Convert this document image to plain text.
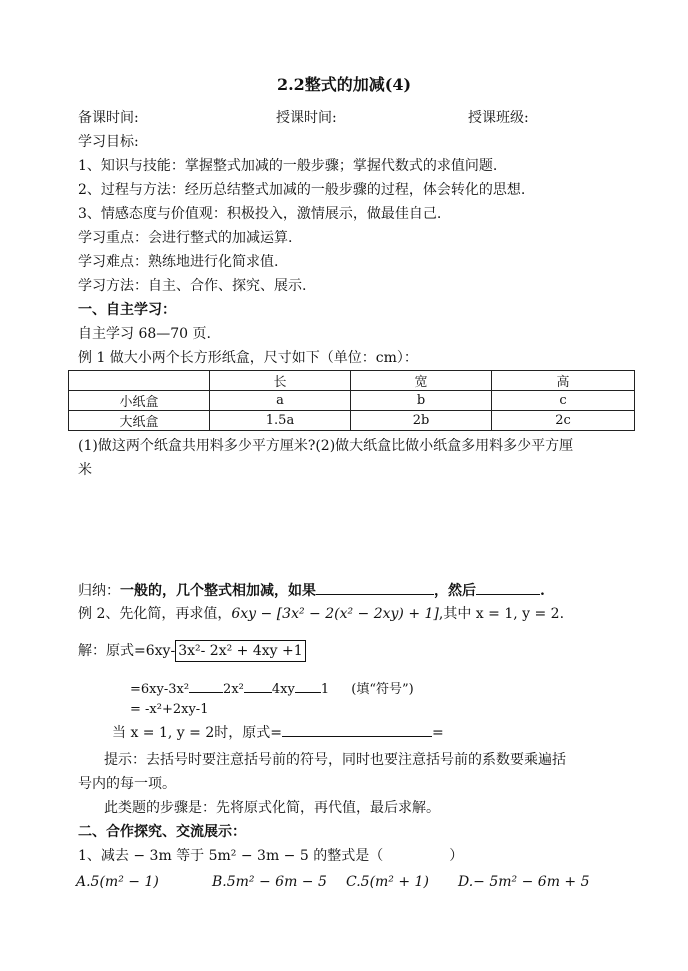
2.2整式的加减(4)
备课时间:	授课时间:	授课班级:
学习目标:
1、知识与技能：掌握整式加减的一般步骤；掌握代数式的求值问题.
2、过程与方法：经历总结整式加减的一般步骤的过程，体会转化的思想.
3、情感态度与价值观：积极投入，激情展示，做最佳自己.
学习重点：会进行整式的加减运算.
学习难点：熟练地进行化简求值.
学习方法：自主、合作、探究、展示.
一、自主学习：
自主学习 68—70 页.
例 1 做大小两个长方形纸盒，尺寸如下（单位：cm）：
	长	宽	高
小纸盒	a	b	c
大纸盒	1.5a	2b	2c
(1)做这两个纸盒共用料多少平方厘米?(2)做大纸盒比做小纸盒多用料多少平方厘
米
归纳：一般的，几个整式相加减，如果	，然后	.
例 2、先化简，再求值，6xy − [3x² − 2(x² − 2xy) + 1],其中 x = 1, y = 2.
解：原式=6xy- 3x²- 2x² + 4xy +1
=6xy-3x²	2x² 4xy 1 (填“符号”)
= -x²+2xy-1
当 x = 1, y = 2时，原式=	=
提示：去括号时要注意括号前的符号，同时也要注意括号前的系数要乘遍括
号内的每一项。
此类题的步骤是：先将原式化简，再代值，最后求解。
二、合作探究、交流展示：
1、减去 − 3m 等于 5m² − 3m − 5 的整式是（	）
A.5(m² − 1)	B.5m² − 6m − 5 C.5(m² + 1) D.− 5m² − 6m + 5
